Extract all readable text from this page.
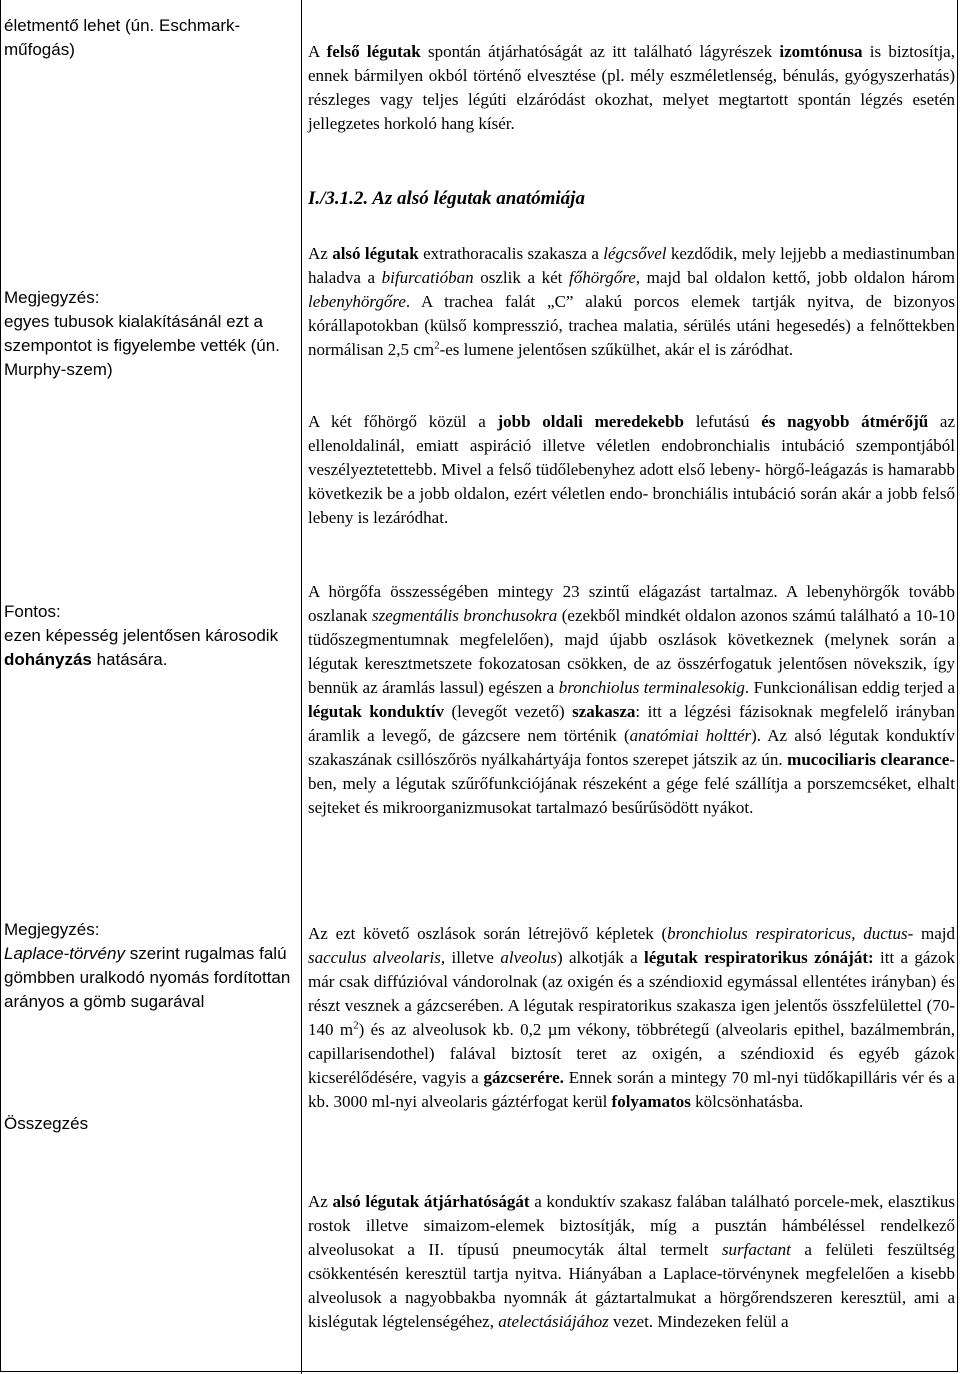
életmentő lehet (ún. Eschmark-műfogás)
Megjegyzés:
egyes tubusok kialakításánál ezt a szempontot is figyelembe vették (ún. Murphy-szem)
Fontos:
ezen képesség jelentősen károsodik dohányzás hatására.
Megjegyzés:
Laplace-törvény szerint rugalmas falú gömbben uralkodó nyomás fordítottan arányos a gömb sugarával
Összegzés

A felső légutak spontán átjárhatóságát az itt található lágyrészek izomtónusa is biztosítja, ennek bármilyen okból történő elvesztése (pl. mély eszméletlenség, bénulás, gyógyszerhatás) részleges vagy teljes légúti elzáródást okozhat, melyet megtartott spontán légzés esetén jellegzetes horkoló hang kísér.

I./3.1.2. Az alsó légutak anatómiája

Az alsó légutak extrathoracalis szakasza a légcsővel kezdődik, mely lejjebb a mediastinumban haladva a bifurcatióban oszlik a két főhörgőre, majd bal oldalon kettő, jobb oldalon három lebenyhörgőre. A trachea falát „C” alakú porcos elemek tartják nyitva, de bizonyos kórállapotokban (külső kompresszió, trachea malatia, sérülés utáni hegesedés) a felnőttekben normálisan 2,5 $cm^2-es$ lumene jelentősen szűkülhet, akár el is záródhat.

A két főhörgő közül a jobb oldali meredekebb lefutású és nagyobb átmérőjű az ellenoldalinál, emiatt aspiráció illetve véletlen endobronchialis intubáció szempontjából veszélyeztetettebb. Mivel a felső tüdőlebenyhez adott első lebeny- hörgő-leágazás is hamarabb következik be a jobb oldalon, ezért véletlen endo- bronchiális intubáció során akár a jobb felső lebeny is lezáródhat.

A hörgőfa összességében mintegy 23 szintű elágazást tartalmaz. A lebenyhörgők tovább oszlanak szegmentális bronchusokra (ezekből mindkét oldalon azonos számú található a 10-10 tüdőszegmentumnak megfelelően), majd újabb oszlások következnek (melynek során a légutak keresztmetszete fokozatosan csökken, de az összérfogatuk jelentősen növekszik, így bennük az áramlás lassul) egészen a bronchiolus terminalesokig. Funkcionálisan eddig terjed a légutak konduktív (levegőt vezető) szakasza: itt a légzési fázisoknak megfelelő irányban áramlik a levegő, de gázcsere nem történik (anatómiai holttér). Az alsó légutak konduktív szakaszának csillószőrös nyálkahártyája fontos szerepet játszik az ún. mucociliaris clearance-ben, mely a légutak szűrőfunkciójának részeként a gége felé szállítja a porszemcséket, elhalt sejteket és mikroorganizmusokat tartalmazó besűrűsödött nyákot.

Az ezt követő oszlások során létrejövő képletek (bronchiolus respiratoricus, ductus- majd sacculus alveolaris, illetve alveolus) alkotják a légutak respiratorikus zónáját: itt a gázok már csak diffúzióval vándorolnak (az oxigén és a széndioxid egymással ellentétes irányban) és részt vesznek a gázcserében. A légutak respiratorikus szakasza igen jelentős összfelülettel (70-140 $m^2$) és az alveolusok kb. 0,2 µm vékony, többrétegű (alveolaris epithel, bazálmembrán, capillarisendothel) falával biztosít teret az oxigén, a széndioxid és egyéb gázok kicserélődésére, vagyis a gázcserére. Ennek során a mintegy 70 ml-nyi tüdőkapilláris vér és a kb. 3000 ml-nyi alveolaris gáztérfogat kerül folyamatos kölcsönhatásba.

Az alsó légutak átjárhatóságát a konduktív szakasz falában található porcele-mek, elasztikus rostok illetve simaizom-elemek biztosítják, míg a pusztán hámbéléssel rendelkező alveolusokat a II. típusú pneumocyták által termelt surfactant a felületi feszültség csökkentésén keresztül tartja nyitva. Hiányában a Laplace-törvénynek megfelelően a kisebb alveolusok a nagyobbakba nyomnák át gáztartalmukat a hörgőrendszeren keresztül, ami a kislégutak légtelenségéhez, atelectásiájához vezet. Mindezeken felül a
